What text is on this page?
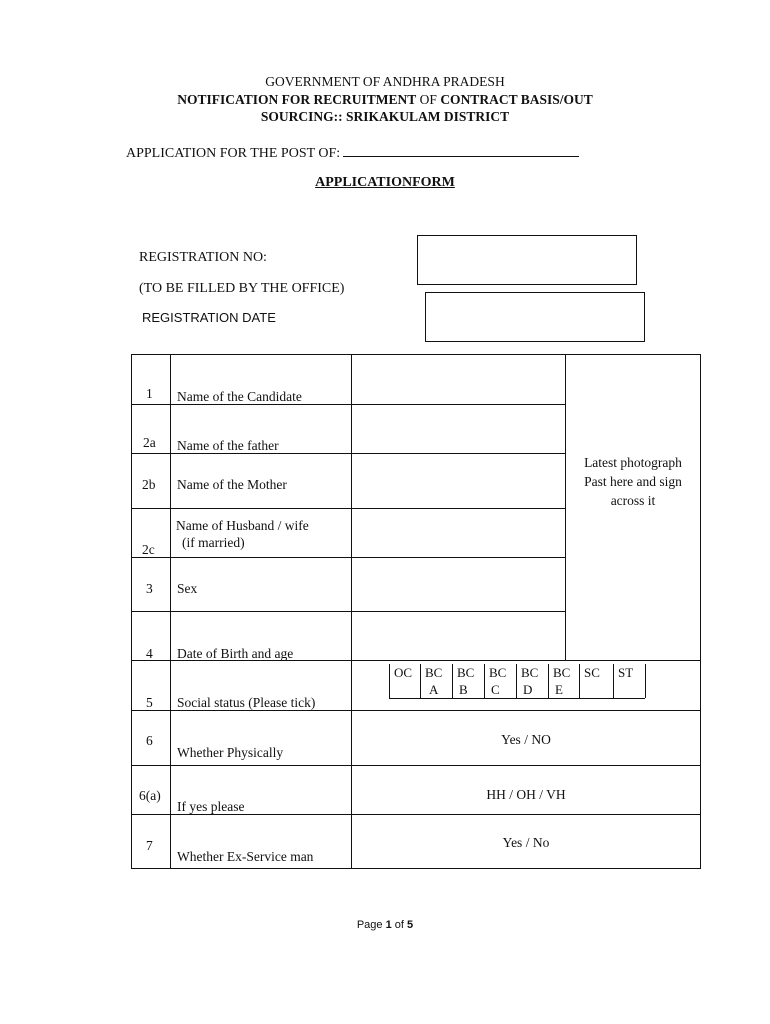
GOVERNMENT OF ANDHRA PRADESH
NOTIFICATION FOR RECRUITMENT OF CONTRACT BASIS/OUT
SOURCING:: SRIKAKULAM DISTRICT
APPLICATION FOR THE POST OF:
APPLICATIONFORM
REGISTRATION NO:
(TO BE FILLED BY THE OFFICE)
REGISTRATION DATE
1 Name of the Candidate
2a Name of the father
2b Name of the Mother
2c
Name of Husband / wife
(if married)
3 Sex
4 Date of Birth and age
Latest photograph
Past here and sign
across it
5 Social status (Please tick)
OC BC
A
BC
B
BC
C
BC
D
BC
E
SC	ST

6
Whether Physically
Yes / NO
6(a)
If yes please
HH / OH / VH
7
Whether Ex-Service man
Yes / No
Page 1 of 5
